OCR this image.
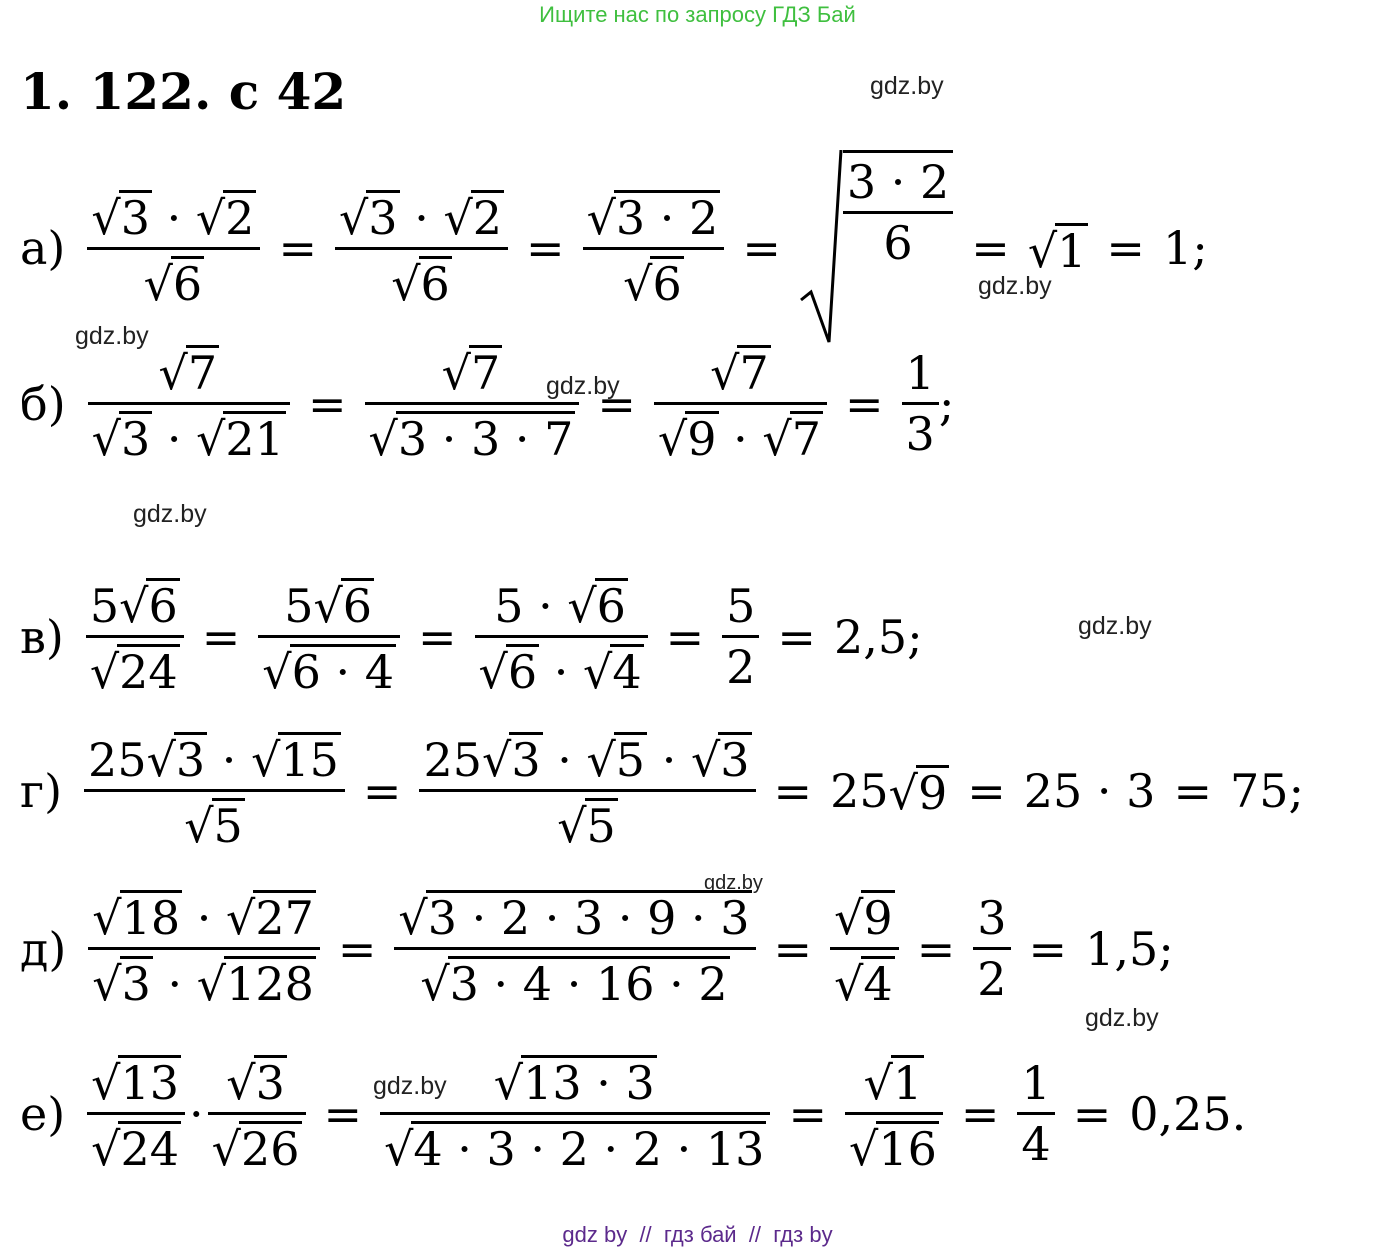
Ищите нас по запросу ГДЗ Бай
1. 122. с 42	gdz.by
gdz.by
gdz.by
gdz.by
gdz.by
gdz.by
gdz.by
gdz.by
gdz.by
$а) \frac{√ 3 \cdot √ 2}{√ 6} = \frac{√ 3 \cdot √ 2}{√ 6} = \frac{√ 3 \cdot 2}{√ 6} = \frac{3 \cdot 2}{6}$ = √ 1 = 1;
$б) \frac{√ 7}{√ 3 \cdot √ 21} = \frac{√ 7}{√ 3 \cdot 3 \cdot 7} = \frac{√ 7}{√ 9 \cdot √ 7} = \frac{1}{3}$ ;
$в) \frac{5 √ 6}{√ 24} = \frac{5 √ 6}{√ 6 \cdot 4} = \frac{5 \cdot √ 6}{√ 6 \cdot √ 4} = \frac{5}{2} = 2,5$;
$г) \frac{25 √ 3 \cdot √ 15}{√ 5} = \frac{25 √ 3 \cdot √ 5 \cdot √ 3}{√ 5} = 25$ √ 9 = 25 · 3 = 75;
$д) \frac{√ 18 \cdot √ 27}{√ 3 \cdot √ 128} = \frac{√ 3 \cdot 2 \cdot 3 \cdot 9 \cdot 3}{√ 3 \cdot 4 \cdot 16 \cdot 2} = \frac{√ 9}{√ 4} = \frac{3}{2} = 1,5$;
$е) \frac{√ 13}{√ 24} \cdot \frac{√ 3}{√ 26} = \frac{√ 13 \cdot 3}{√ 4 \cdot 3 \cdot 2 \cdot 2 \cdot 13} = \frac{√ 1}{√ 16} = \frac{1}{4} = 0,25$.
gdz by  //  гдз бай  //  гдз by
